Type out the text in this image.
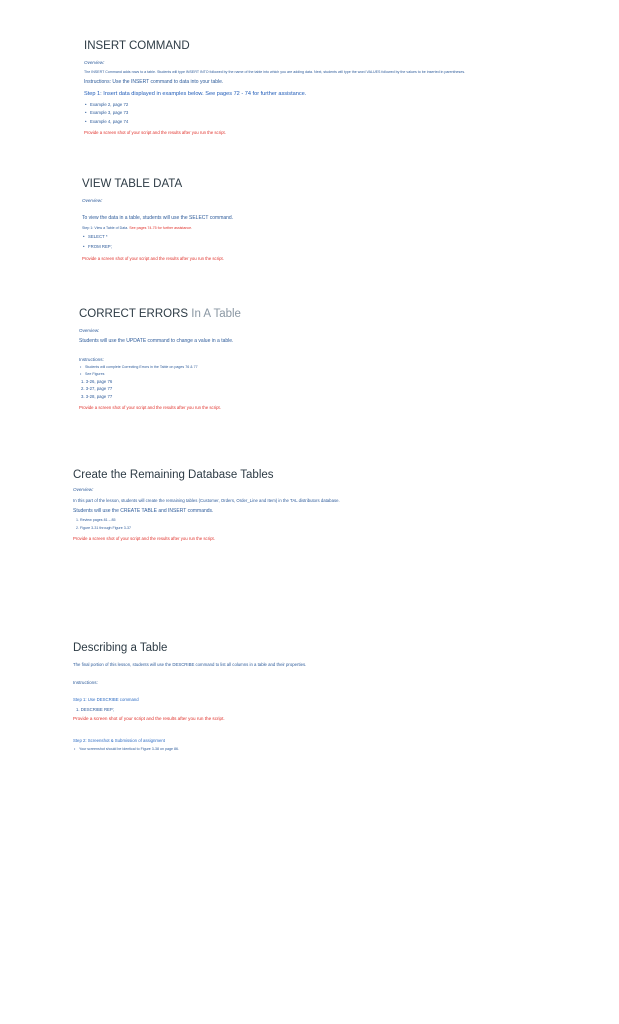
INSERT COMMAND
Overview:
The INSERT Command adds rows to a table. Students will type INSERT INTO followed by the name of the table into which you are adding data. Next, students will type the word VALUES followed by the values to be inserted in parentheses.
Instructions: Use the INSERT command to data into your table.
Step 1: Insert data displayed in examples below. See pages 72 - 74 for further assistance.
• Example 2, page 72
• Example 3, page 73
• Example 4, page 74
Provide a screen shot of your script and the results after you run the script.
VIEW TABLE DATA
Overview:
To view the data in a table, students will use the SELECT command.
Step 1: View a Table of Data. See pages 74-75 for further assistance.
• SELECT *
• FROM REP;
Provide a screen shot of your script and the results after you run the script.
CORRECT ERRORS In A Table
Overview:
Students will use the UPDATE command to change a value in a table.
Instructions:
• Students will complete Correcting Errors in the Table on pages 76 & 77
• See Figures
1. 3-26, page 76
2. 3-27, page 77
3. 3-28, page 77
Provide a screen shot of your script and the results after you run the script.
Create the Remaining Database Tables
Overview:
In this part of the lesson, students will create the remaining tables (Customer, Orders, Order_Line and Item) in the TAL distributors database.
Students will use the CREATE TABLE and INSERT commands.
1. Review pages 81 – 85
2. Figure 3-31 through Figure 3-37
Provide a screen shot of your script and the results after you run the script.
Describing a Table
The final portion of this lesson, students will use the DESCRIBE command to list all columns in a table and their properties.
Instructions:
Step 1: Use DESCRIBE command
1. DESCRIBE REP;
Provide a screen shot of your script and the results after you run the script.
Step 2: Screenshot & Submission of assignment
• Your screenshot should be identical to Figure 3-38 on page 86.
